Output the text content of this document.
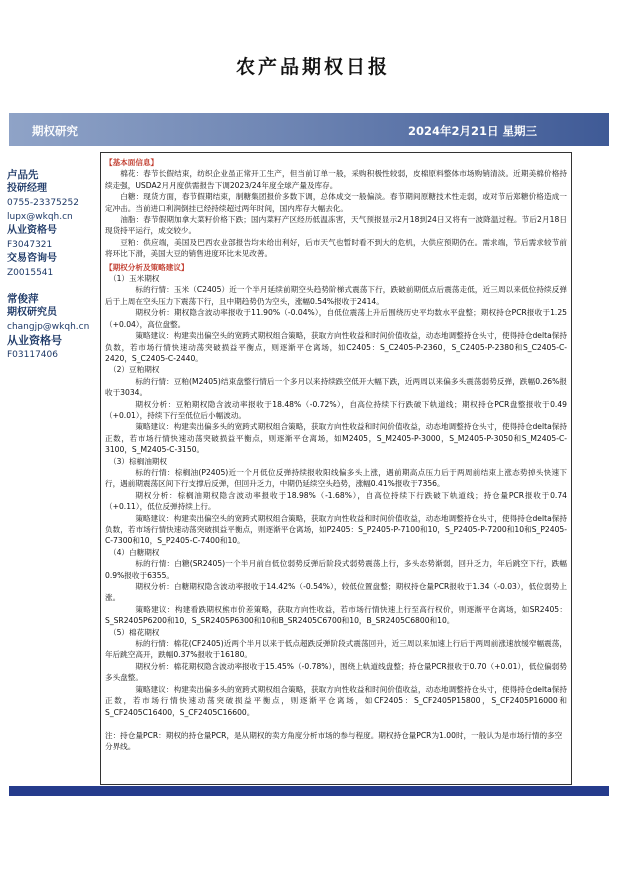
农产品期权日报
期权研究	2024年2月21日 星期三
卢品先
投研经理
0755-23375252
lupx@wkqh.cn
从业资格号
F3047321
交易咨询号
Z0015541
常俊萍
期权研究员
changjp@wkqh.cn
从业资格号
F03117406
【基本面信息】
棉花：春节长假结束，纺织企业虽正常开工生产，但当前订单一般，采购积极性较弱，皮棉原料整体市场购销清淡。近期美棉价格持续走强，USDA2月月度供需报告下调2023/24年度全球产量及库存。
白糖：现货方面，春节假期结束，制糖集团报价多数下调，总体成交一般偏淡。春节期间原糖技术性走弱，或对节后郑糖价格造成一定冲击。当前进口利润倒挂已经持续超过两年时间，国内库存大幅去化。
油脂：春节假期加拿大菜籽价格下跌；国内菜籽产区经历低温冻害，天气预报显示2月18到24日又将有一波降温过程。节后2月18日现货持平运行，成交较少。
豆粕：供应端，美国及巴西农业部报告均未给出利好，后市天气也暂时看不到大的危机，大供应预期仍在。需求端，节后需求较节前将环比下滑，美国大豆的销售进度环比未见改善。
【期权分析及策略建议】
（1）玉米期权
标的行情：玉米（C2405）近一个半月延续前期空头趋势阶梯式震荡下行，跌破前期低点后震荡走低，近三周以来低位持续反弹后于上周在空头压力下震荡下行，且中期趋势仍为空头，涨幅0.54%报收于2414。
期权分析：期权隐含波动率报收于11.90%（-0.04%），自低位震荡上升后围绕历史平均数水平盘整；期权持仓PCR报收于1.25（+0.04），高位盘整。
策略建议：构建卖出偏空头的宽跨式期权组合策略，获取方向性收益和时间价值收益，动态地调整持仓头寸，使得持仓delta保持负数，若市场行情快速动荡突破损益平衡点，则逐渐平仓离场，如C2405：S_C2405-P-2360，S_C2405-P-2380和S_C2405-C-2420，S_C2405-C-2440。
（2）豆粕期权
标的行情：豆粕(M2405)结束盘整行情后一个多月以来持续跌空低开大幅下跌，近两周以来偏多头震荡弱势反弹，跌幅0.26%报收于3034。
期权分析：豆粕期权隐含波动率报收于18.48%（-0.72%），自高位持续下行跌破下轨道线；期权持仓PCR盘整报收于0.49（+0.01），持续下行至低位后小幅波动。
策略建议：构建卖出偏多头的宽跨式期权组合策略，获取方向性收益和时间价值收益，动态地调整持仓头寸，使得持仓delta保持正数，若市场行情快速动荡突破损益平衡点，则逐渐平仓离场，如M2405，S_M2405-P-3000，S_M2405-P-3050和S_M2405-C-3100，S_M2405-C-3150。
（3）棕榈油期权
标的行情：棕榈油(P2405)近一个月低位反弹持续报收阳线偏多头上涨，遇前期高点压力后于两周前结束上涨态势掉头快速下行，遇前期震荡区间下行支撑后反弹，但回升乏力，中期仍延续空头趋势，涨幅0.41%报收于7356。
期权分析：棕榈油期权隐含波动率报收于18.98%（-1.68%），自高位持续下行跌破下轨道线；持仓量PCR报收于0.74（+0.11），低位反弹持续上行。
策略建议：构建卖出偏空头的宽跨式期权组合策略，获取方向性收益和时间价值收益，动态地调整持仓头寸，使得持仓delta保持负数，若市场行情快速动荡突破损益平衡点，则逐渐平仓离场，如P2405：S_P2405-P-7100和10，S_P2405-P-7200和10和S_P2405-C-7300和10，S_P2405-C-7400和10。
（4）白糖期权
标的行情：白糖(SR2405)一个半月前自低位弱势反弹后阶段式弱势震荡上行，多头态势渐弱，回升乏力，年后跳空下行，跌幅0.9%报收于6355。
期权分析：白糖期权隐含波动率报收于14.42%（-0.54%），较低位置盘整；期权持仓量PCR报收于1.34（-0.03），低位弱势上涨。
策略建议：构建看跌期权熊市价差策略，获取方向性收益，若市场行情快速上行至高行权价，则逐渐平仓离场，如SR2405：S_SR2405P6200和10，S_SR2405P6300和10和B_SR2405C6700和10，B_SR2405C6800和10。
（5）棉花期权
标的行情：棉花(CF2405)近两个半月以来于低点超跌反弹阶段式震荡回升，近三周以来加速上行后于两周前涨速放缓窄幅震荡，年后跳空高开，跌幅0.37%报收于16180。
期权分析：棉花期权隐含波动率报收于15.45%（-0.78%），围绕上轨道线盘整；持仓量PCR报收于0.70（+0.01），低位偏弱势多头盘整。
策略建议：构建卖出偏多头的宽跨式期权组合策略，获取方向性收益和时间价值收益，动态地调整持仓头寸，使得持仓delta保持正数，若市场行情快速动荡突破损益平衡点，则逐渐平仓离场，如CF2405：S_CF2405P15800，S_CF2405P16000和S_CF2405C16400，S_CF2405C16600。
注：持仓量PCR：期权的持仓量PCR，是从期权的卖方角度分析市场的参与程度。期权持仓量PCR为1.00时，一般认为是市场行情的多空分界线。
